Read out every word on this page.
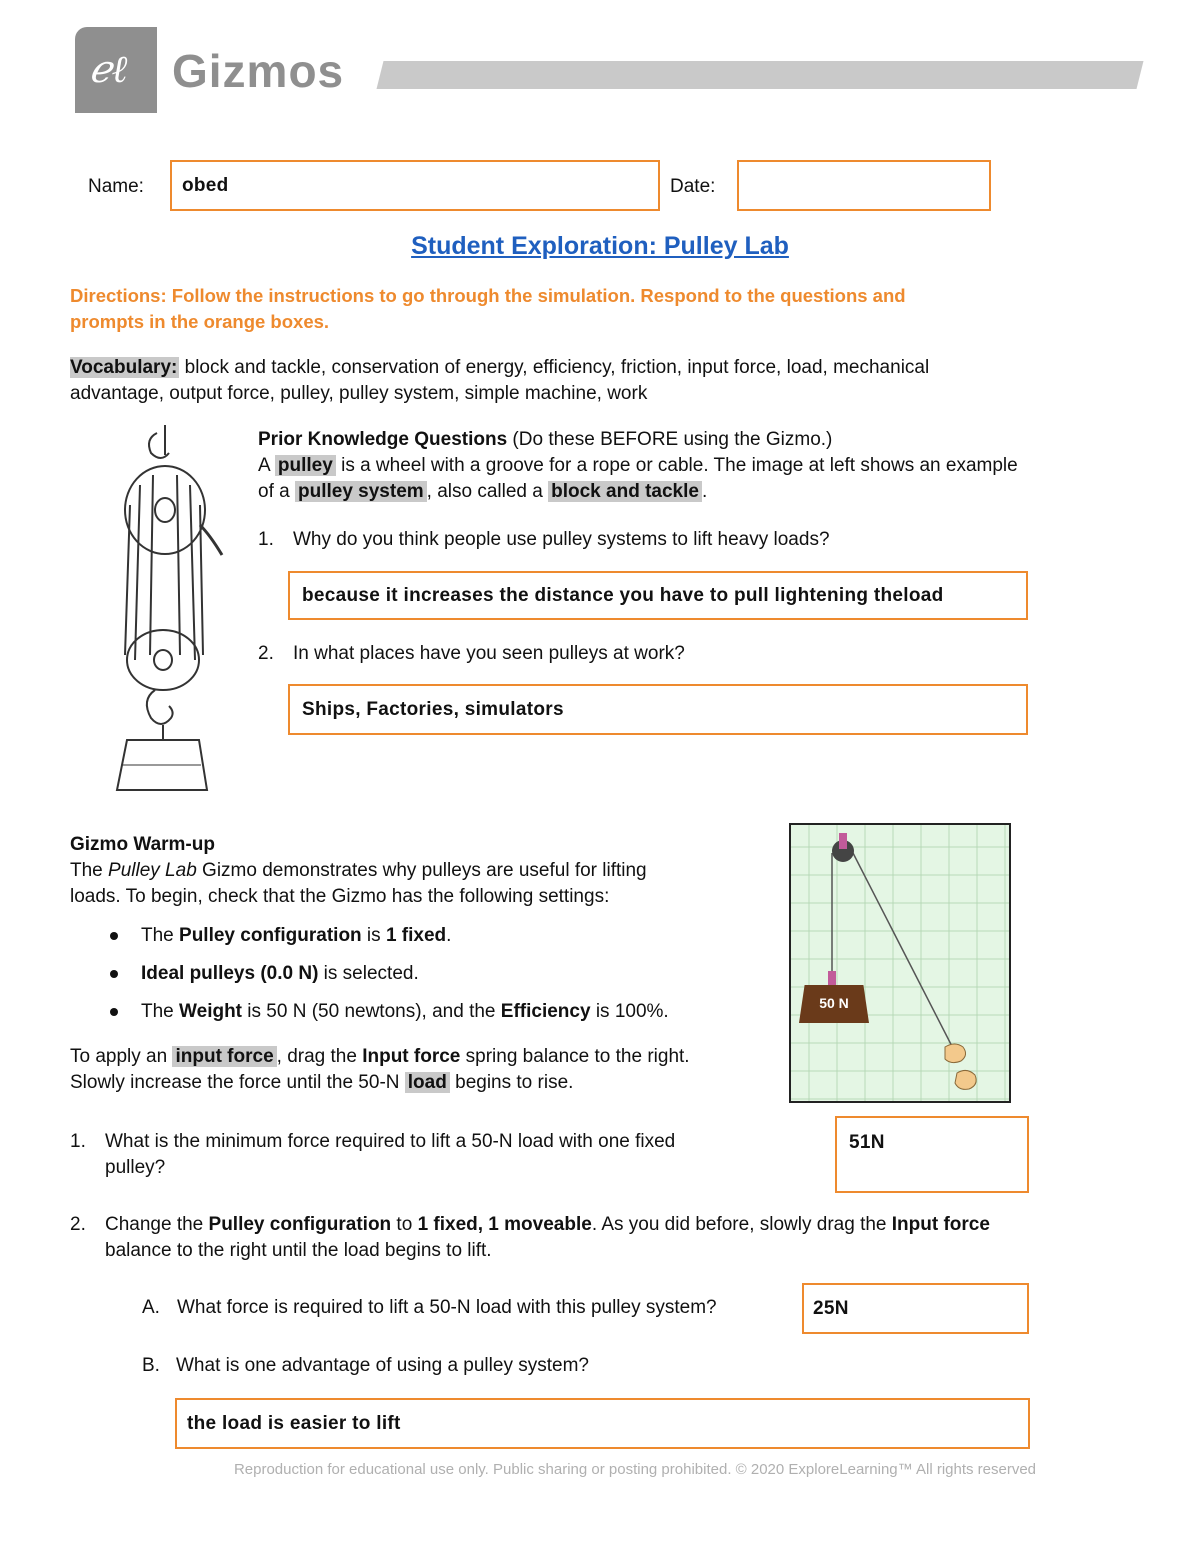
ℯℓ Gizmos
Name: obed	Date:
Student Exploration: Pulley Lab
Directions: Follow the instructions to go through the simulation. Respond to the questions and
prompts in the orange boxes.
Vocabulary: block and tackle, conservation of energy, efficiency, friction, input force, load, mechanical
advantage, output force, pulley, pulley system, simple machine, work
Prior Knowledge Questions (Do these BEFORE using the Gizmo.)
A pulley is a wheel with a groove for a rope or cable. The image at left shows an example
of a pulley system , also called a block and tackle .
1. Why do you think people use pulley systems to lift heavy loads?
because it increases the distance you have to pull lightening theload
2. In what places have you seen pulleys at work?
Ships, Factories, simulators
Gizmo Warm-up
The Pulley Lab Gizmo demonstrates why pulleys are useful for lifting
loads. To begin, check that the Gizmo has the following settings:
The Pulley configuration is 1 fixed.
Ideal pulleys (0.0 N) is selected.
The Weight is 50 N (50 newtons), and the Efficiency is 100%.
To apply an input force , drag the Input force spring balance to the right.
Slowly increase the force until the 50-N load begins to rise.
50 N
1. What is the minimum force required to lift a 50-N load with one fixed
pulley?
51N
2. Change the Pulley configuration to 1 fixed, 1 moveable. As you did before, slowly drag the Input force
balance to the right until the load begins to lift.
A. What force is required to lift a 50-N load with this pulley system?	25N
B. What is one advantage of using a pulley system?
the load is easier to lift
Reproduction for educational use only. Public sharing or posting prohibited. © 2020 ExploreLearning™ All rights reserved
